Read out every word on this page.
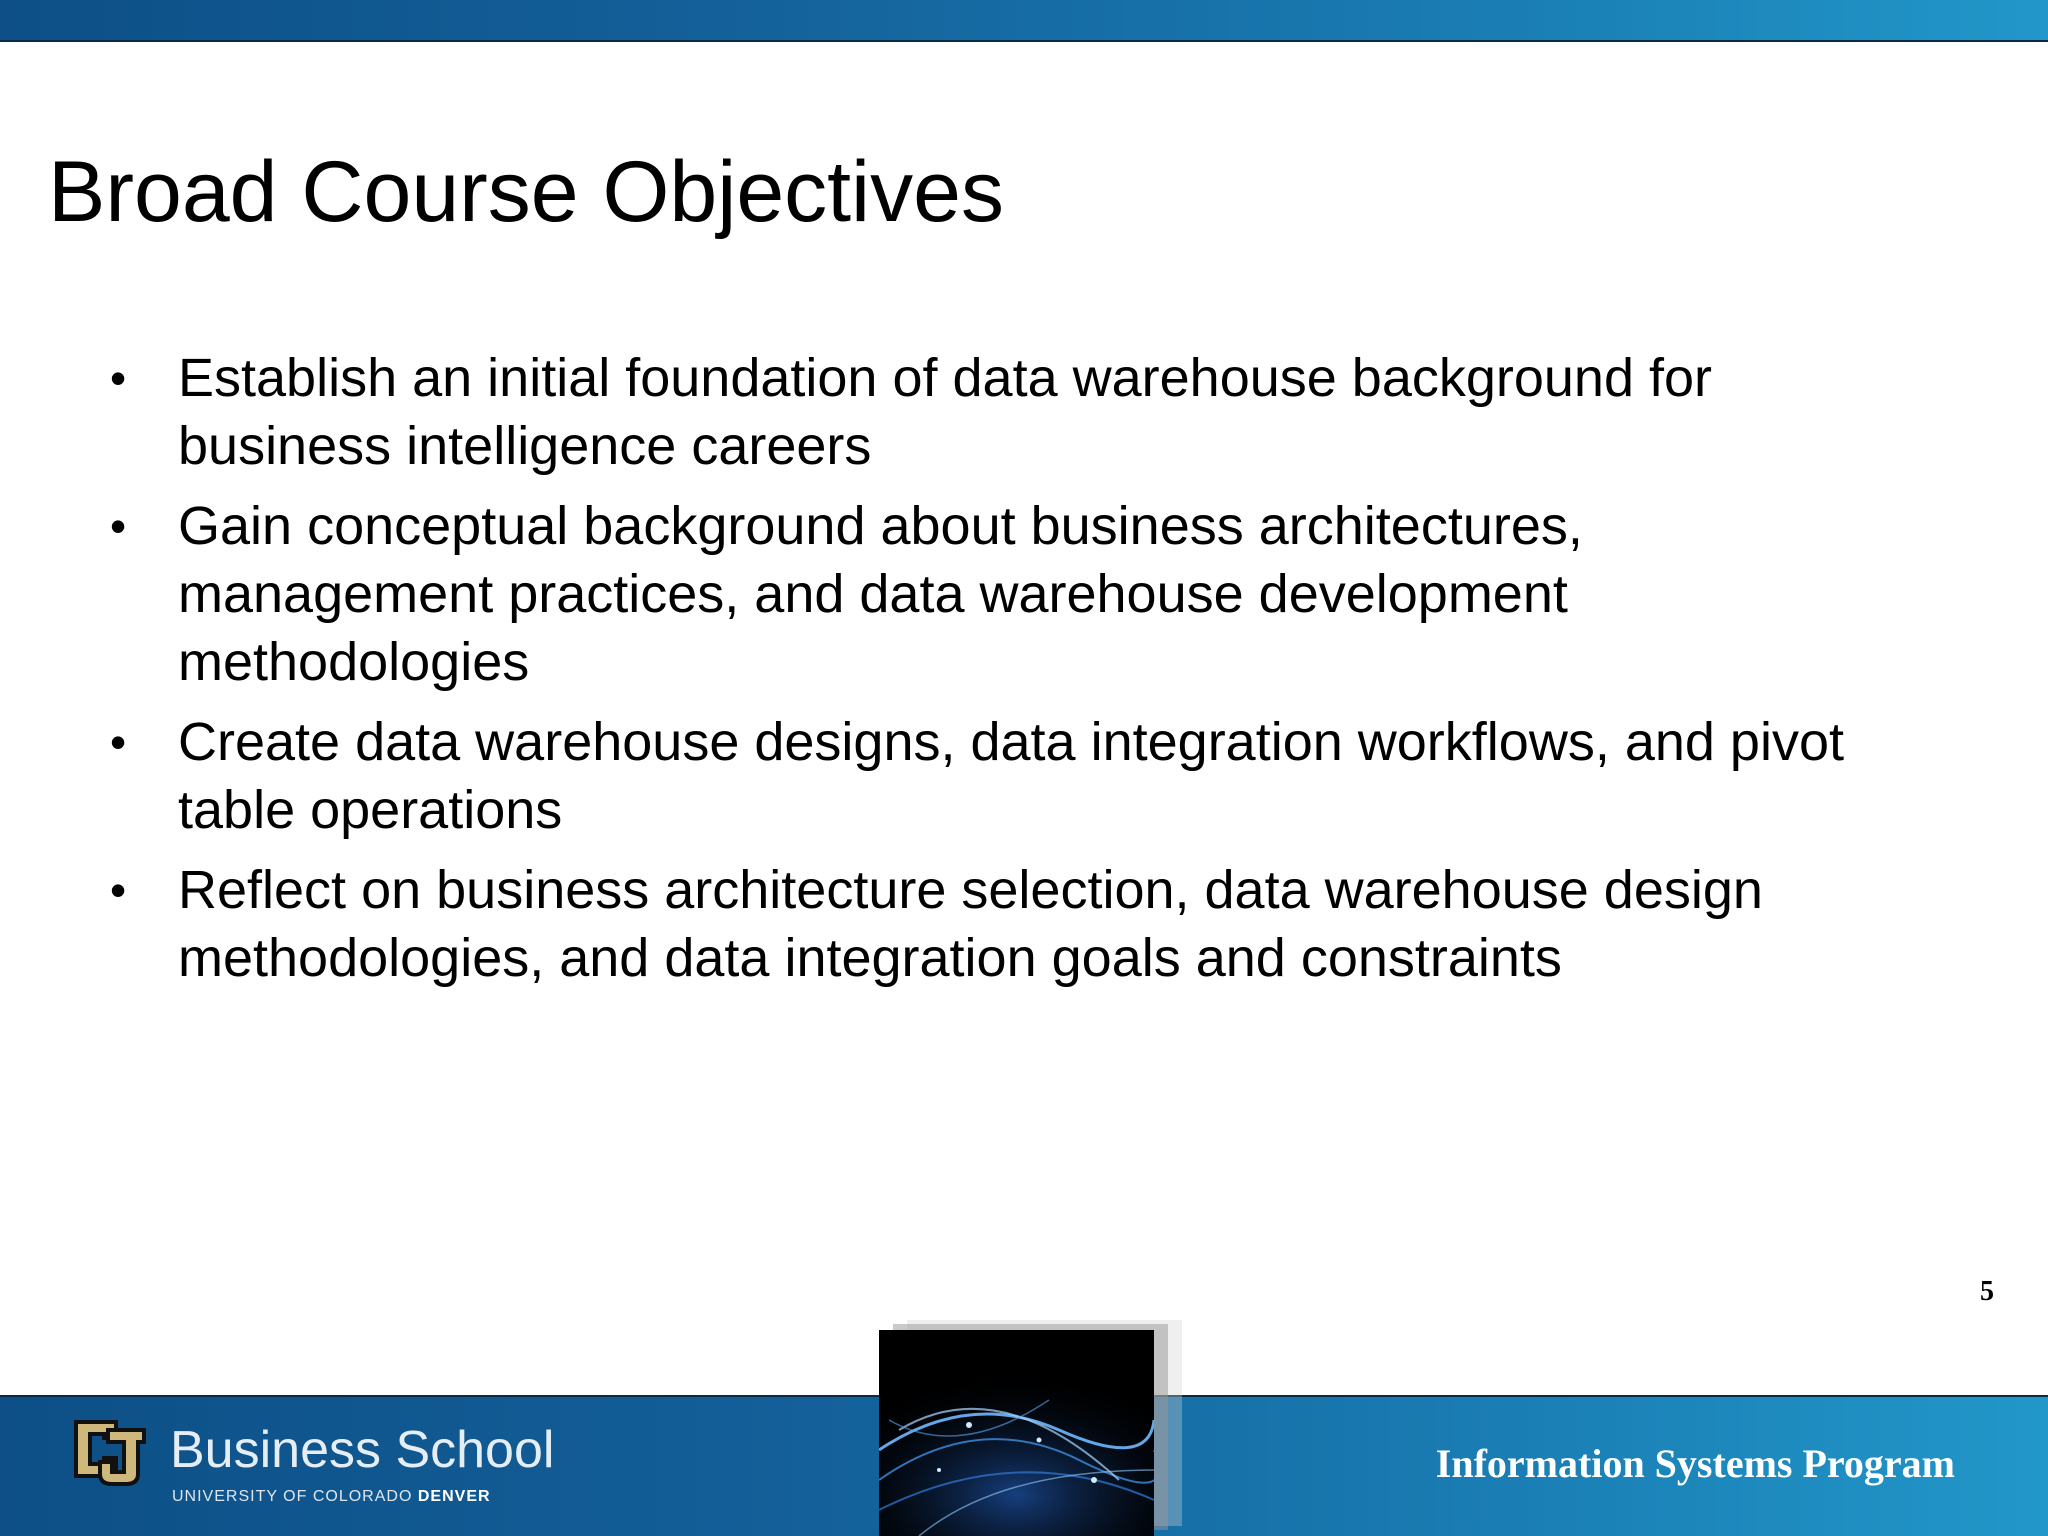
Broad Course Objectives
• Establish an initial foundation of data warehouse background for business intelligence careers
• Gain conceptual background about business architectures, management practices, and data warehouse development methodologies
• Create data warehouse designs, data integration workflows, and pivot table operations
• Reflect on business architecture selection, data warehouse design methodologies, and data integration goals and constraints
5
Business School
UNIVERSITY OF COLORADO DENVER
Information Systems Program
